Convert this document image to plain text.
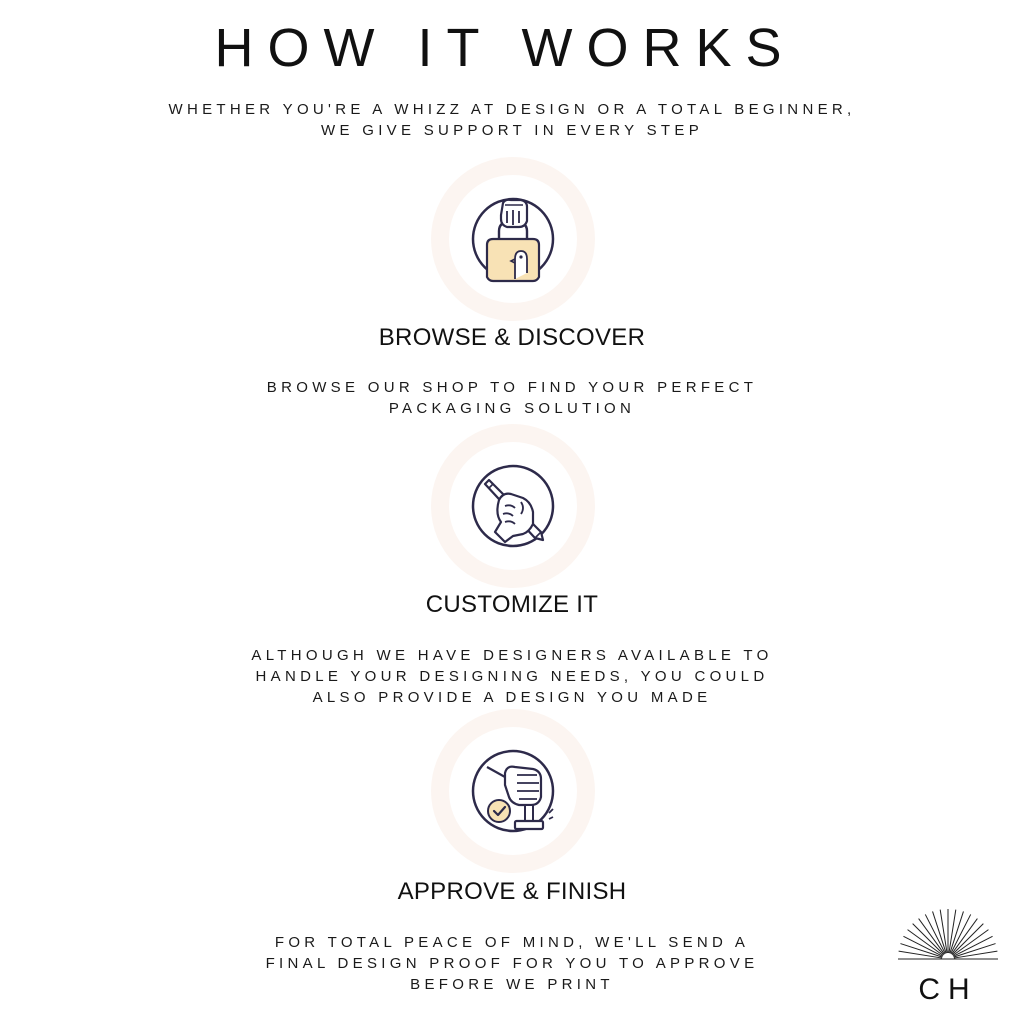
HOW IT WORKS
WHETHER YOU'RE A WHIZZ AT DESIGN OR A TOTAL BEGINNER,
WE GIVE SUPPORT IN EVERY STEP
BROWSE & DISCOVER
BROWSE OUR SHOP TO FIND YOUR PERFECT
PACKAGING SOLUTION
CUSTOMIZE IT
ALTHOUGH WE HAVE DESIGNERS AVAILABLE TO
HANDLE YOUR DESIGNING NEEDS, YOU COULD
ALSO PROVIDE A DESIGN YOU MADE
APPROVE & FINISH
FOR TOTAL PEACE OF MIND, WE'LL SEND A
FINAL DESIGN PROOF FOR YOU TO APPROVE
BEFORE WE PRINT	CH
